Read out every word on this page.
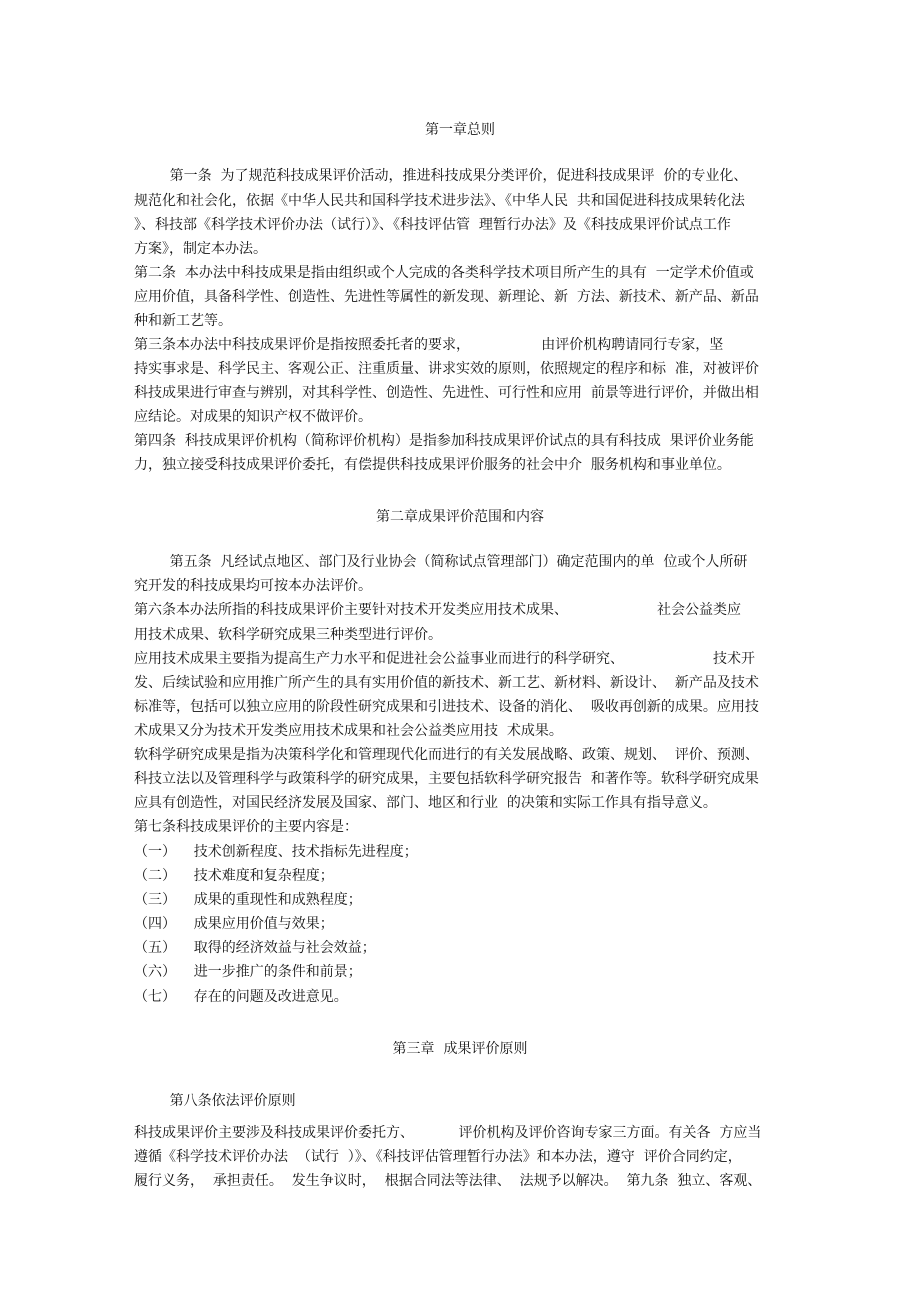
第一章总则
第一条  为了规范科技成果评价活动，推进科技成果分类评价，促进科技成果评  价的专业化、
规范化和社会化，依据《中华人民共和国科学技术进步法》、《中华人民  共和国促进科技成果转化法
》、科技部《科学技术评价办法（试行）》、《科技评估管  理暂行办法》及《科技成果评价试点工作
方案》，制定本办法。
第二条  本办法中科技成果是指由组织或个人完成的各类科学技术项目所产生的具有  一定学术价值或
应用价值，具备科学性、创造性、先进性等属性的新发现、新理论、新  方法、新技术、新产品、新品
种和新工艺等。
第三条本办法中科技成果评价是指按照委托者的要求，                由评价机构聘请同行专家，坚
持实事求是、科学民主、客观公正、注重质量、讲求实效的原则，依照规定的程序和标  准，对被评价
科技成果进行审查与辨别，对其科学性、创造性、先进性、可行性和应用  前景等进行评价，并做出相
应结论。对成果的知识产权不做评价。
第四条  科技成果评价机构（简称评价机构）是指参加科技成果评价试点的具有科技成  果评价业务能
力，独立接受科技成果评价委托，有偿提供科技成果评价服务的社会中介  服务机构和事业单位。
第二章成果评价范围和内容
第五条  凡经试点地区、部门及行业协会（简称试点管理部门）确定范围内的单  位或个人所研
究开发的科技成果均可按本办法评价。
第六条本办法所指的科技成果评价主要针对技术开发类应用技术成果、                    社会公益类应
用技术成果、软科学研究成果三种类型进行评价。
应用技术成果主要指为提高生产力水平和促进社会公益事业而进行的科学研究、                    技术开
发、后续试验和应用推广所产生的具有实用价值的新技术、新工艺、新材料、新设计、  新产品及技术
标准等，包括可以独立应用的阶段性研究成果和引进技术、设备的消化、  吸收再创新的成果。应用技
术成果又分为技术开发类应用技术成果和社会公益类应用技  术成果。
软科学研究成果是指为决策科学化和管理现代化而进行的有关发展战略、政策、规划、  评价、预测、
科技立法以及管理科学与政策科学的研究成果，主要包括软科学研究报告  和著作等。软科学研究成果
应具有创造性，对国民经济发展及国家、部门、地区和行业  的决策和实际工作具有指导意义。
第七条科技成果评价的主要内容是：
（一）    技术创新程度、技术指标先进程度；
（二）    技术难度和复杂程度；
（三）    成果的重现性和成熟程度；
（四）    成果应用价值与效果；
（五）    取得的经济效益与社会效益；
（六）    进一步推广的条件和前景；
（七）    存在的问题及改进意见。
第三章  成果评价原则
第八条依法评价原则
科技成果评价主要涉及科技成果评价委托方、          评价机构及评价咨询专家三方面。有关各  方应当
遵循《科学技术评价办法  （试行  ）》、《科技评估管理暂行办法》和本办法，遵守  评价合同约定，
履行义务，  承担责任。  发生争议时，  根据合同法等法律、  法规予以解决。  第九条  独立、客观、
